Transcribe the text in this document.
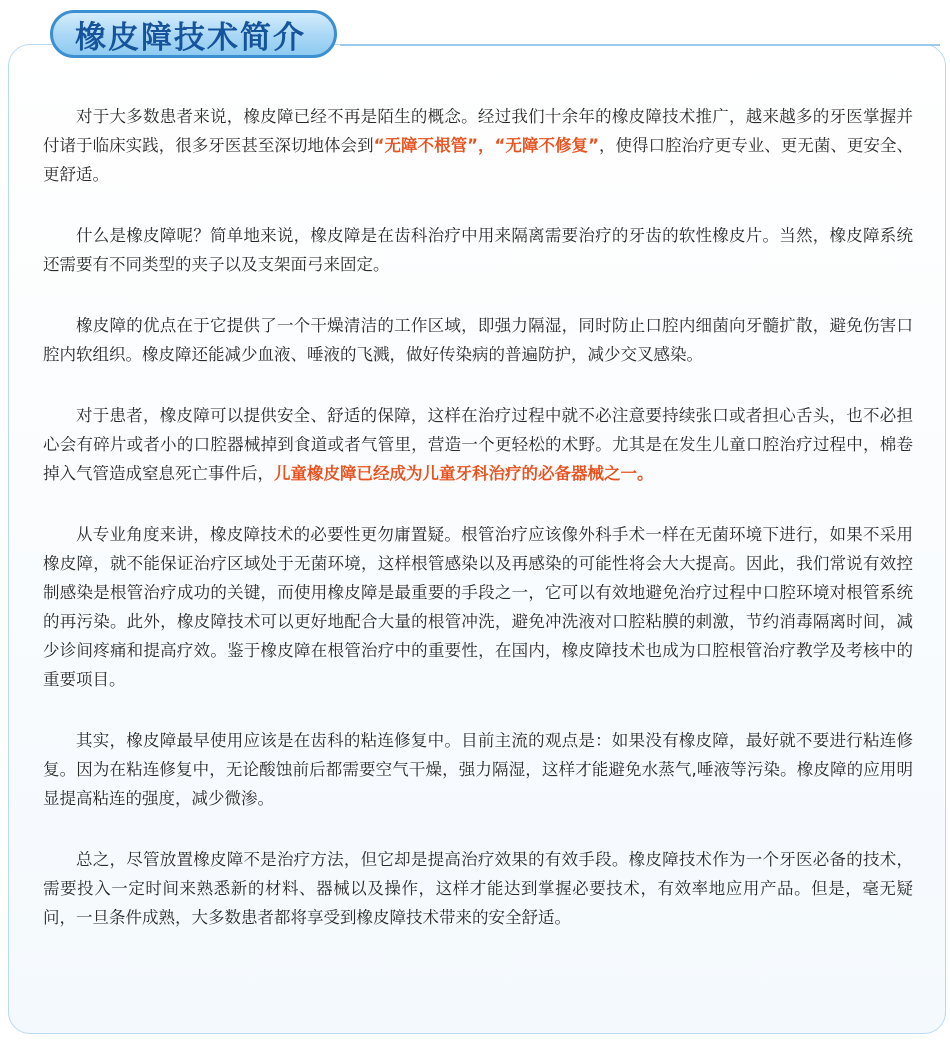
橡皮障技术简介

对于大多数患者来说，橡皮障已经不再是陌生的概念。经过我们十余年的橡皮障技术推广，越来越多的牙医掌握并付诸于临床实践，很多牙医甚至深切地体会到“无障不根管”，“无障不修复”，使得口腔治疗更专业、更无菌、更安全、更舒适。

什么是橡皮障呢？简单地来说，橡皮障是在齿科治疗中用来隔离需要治疗的牙齿的软性橡皮片。当然，橡皮障系统还需要有不同类型的夹子以及支架面弓来固定。

橡皮障的优点在于它提供了一个干燥清洁的工作区域，即强力隔湿，同时防止口腔内细菌向牙髓扩散，避免伤害口腔内软组织。橡皮障还能减少血液、唾液的飞溅，做好传染病的普遍防护，减少交叉感染。

对于患者，橡皮障可以提供安全、舒适的保障，这样在治疗过程中就不必注意要持续张口或者担心舌头，也不必担心会有碎片或者小的口腔器械掉到食道或者气管里，营造一个更轻松的术野。尤其是在发生儿童口腔治疗过程中，棉卷掉入气管造成窒息死亡事件后，儿童橡皮障已经成为儿童牙科治疗的必备器械之一。

从专业角度来讲，橡皮障技术的必要性更勿庸置疑。根管治疗应该像外科手术一样在无菌环境下进行，如果不采用橡皮障，就不能保证治疗区域处于无菌环境，这样根管感染以及再感染的可能性将会大大提高。因此，我们常说有效控制感染是根管治疗成功的关键，而使用橡皮障是最重要的手段之一，它可以有效地避免治疗过程中口腔环境对根管系统的再污染。此外，橡皮障技术可以更好地配合大量的根管冲洗，避免冲洗液对口腔粘膜的刺激，节约消毒隔离时间，减少诊间疼痛和提高疗效。鉴于橡皮障在根管治疗中的重要性，在国内，橡皮障技术也成为口腔根管治疗教学及考核中的重要项目。

其实，橡皮障最早使用应该是在齿科的粘连修复中。目前主流的观点是：如果没有橡皮障，最好就不要进行粘连修复。因为在粘连修复中，无论酸蚀前后都需要空气干燥，强力隔湿，这样才能避免水蒸气,唾液等污染。橡皮障的应用明显提高粘连的强度，减少微渗。

总之，尽管放置橡皮障不是治疗方法，但它却是提高治疗效果的有效手段。橡皮障技术作为一个牙医必备的技术，需要投入一定时间来熟悉新的材料、器械以及操作，这样才能达到掌握必要技术，有效率地应用产品。但是，毫无疑问，一旦条件成熟，大多数患者都将享受到橡皮障技术带来的安全舒适。
